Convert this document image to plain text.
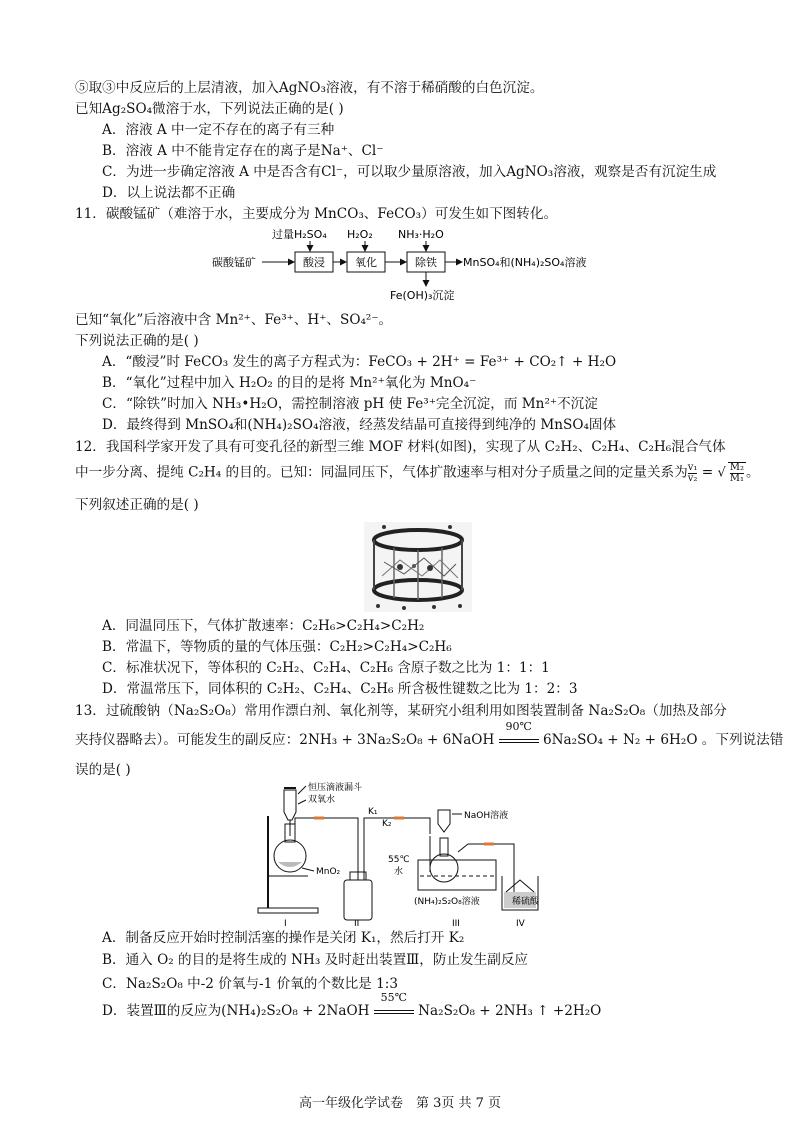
⑤取③中反应后的上层清液，加入AgNO₃溶液，有不溶于稀硝酸的白色沉淀。
已知Ag₂SO₄微溶于水，下列说法正确的是( )
A．溶液 A 中一定不存在的离子有三种
B．溶液 A 中不能肯定存在的离子是Na⁺、Cl⁻
C．为进一步确定溶液 A 中是否含有Cl⁻，可以取少量原溶液，加入AgNO₃溶液，观察是否有沉淀生成
D．以上说法都不正确
11．碳酸锰矿（难溶于水，主要成分为 MnCO₃、FeCO₃）可发生如下图转化。
碳酸锰矿
过量H₂SO₄
酸浸
H₂O₂
氧化
NH₃·H₂O
除铁 MnSO₄和(NH₄)₂SO₄溶液
Fe(OH)₃沉淀
已知“氧化”后溶液中含 Mn²⁺、Fe³⁺、H⁺、SO₄²⁻。
下列说法正确的是( )
A．“酸浸”时 FeCO₃ 发生的离子方程式为：FeCO₃ + 2H⁺ = Fe³⁺ + CO₂↑ + H₂O
B．“氧化”过程中加入 H₂O₂ 的目的是将 Mn²⁺氧化为 MnO₄⁻
C．“除铁”时加入 NH₃•H₂O，需控制溶液 pH 使 Fe³⁺完全沉淀，而 Mn²⁺不沉淀
D．最终得到 MnSO₄和(NH₄)₂SO₄溶液，经蒸发结晶可直接得到纯净的 MnSO₄固体
12．我国科学家开发了具有可变孔径的新型三维 MOF 材料(如图)，实现了从 C₂H₂、C₂H₄、C₂H₆混合气体
中一步分离、提纯 C₂H₄ 的目的。已知：同温同压下，气体扩散速率与相对分子质量之间的定量关系为 $\frac{\text{v₁}}{\text{v₂}}$ = √ $\frac{\text{M₂}}{\text{M₁}}$ 。
下列叙述正确的是( )
A．同温同压下，气体扩散速率：C₂H₆>C₂H₄>C₂H₂
B．常温下，等物质的量的气体压强：C₂H₂>C₂H₄>C₂H₆
C．标准状况下，等体积的 C₂H₂、C₂H₄、C₂H₆ 含原子数之比为 1：1：1
D．常温常压下，同体积的 C₂H₂、C₂H₄、C₂H₆ 所含极性键数之比为 1：2：3
13．过硫酸钠（Na₂S₂O₈）常用作漂白剂、氧化剂等，某研究小组利用如图装置制备 Na₂S₂O₈（加热及部分
夹持仪器略去）。可能发生的副反应：2NH₃ + 3Na₂S₂O₈ + 6NaOH
90℃
6Na₂SO₄ + N₂ + 6H₂O 。下列说法错
误的是( )
恒压滴液漏斗
双氧水
MnO₂
K₁
K₂
NaOH溶液
55℃
水
(NH₄)₂S₂O₈溶液	稀硫酸
I	II	III	IV
A．制备反应开始时控制活塞的操作是关闭 K₁，然后打开 K₂
B．通入 O₂ 的目的是将生成的 NH₃ 及时赶出装置Ⅲ，防止发生副反应
C．Na₂S₂O₈ 中-2 价氧与-1 价氧的个数比是 1:3
D．装置Ⅲ的反应为(NH₄)₂S₂O₈ + 2NaOH
55℃
Na₂S₂O₈ + 2NH₃ ↑ +2H₂O
高一年级化学试卷　第 3页 共 7 页
